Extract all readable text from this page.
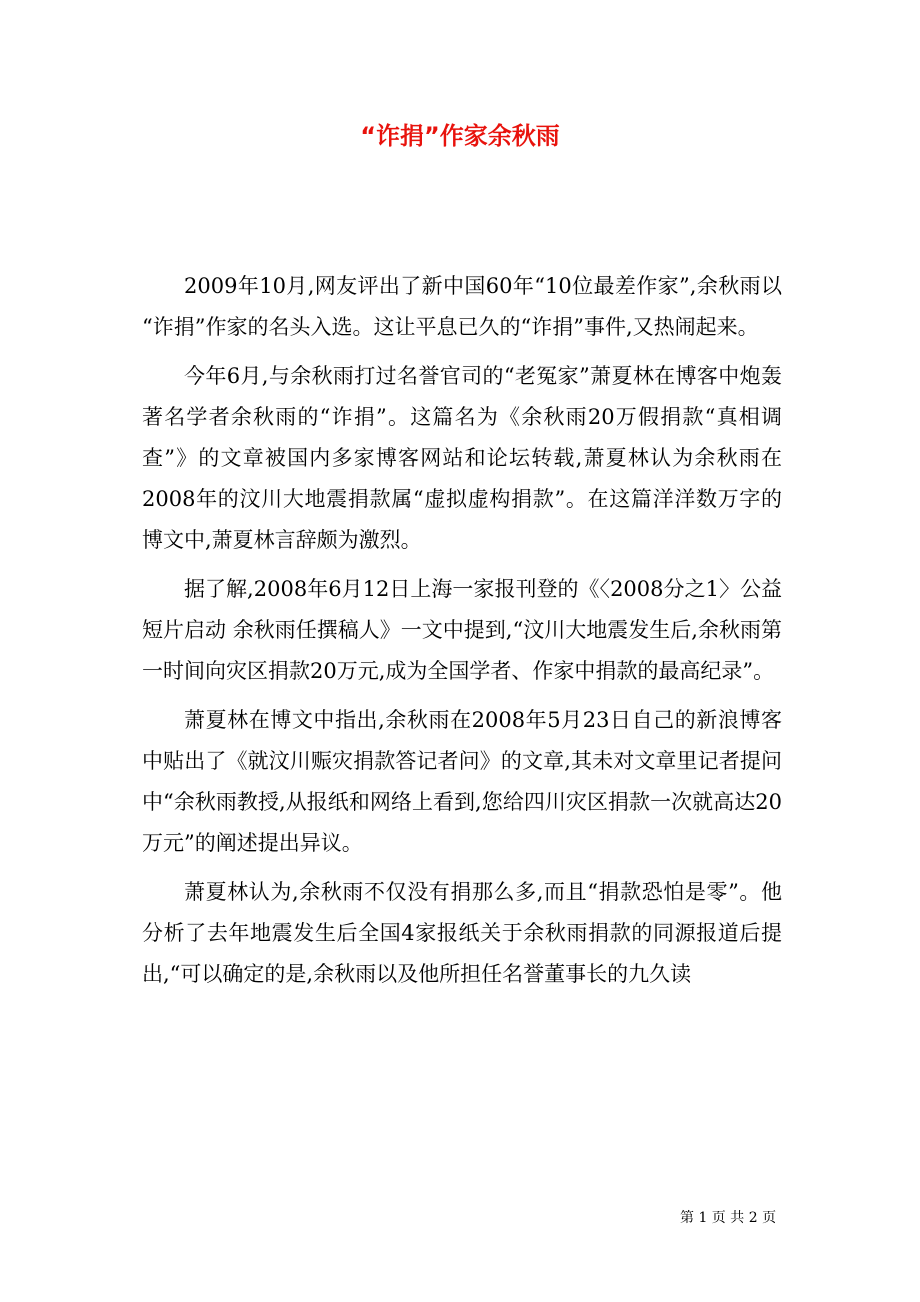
“诈捐”作家余秋雨

2009年10月,网友评出了新中国60年“10位最差作家”,余秋雨以 “诈捐”作家的名头入选。这让平息已久的“诈捐”事件,又热闹起来。

今年6月,与余秋雨打过名誉官司的“老冤家”萧夏林在博客中炮轰著名学者余秋雨的“诈捐”。这篇名为《余秋雨20万假捐款“真相调查”》的文章被国内多家博客网站和论坛转载,萧夏林认为余秋雨在2008年的汶川大地震捐款属“虚拟虚构捐款”。在这篇洋洋数万字的博文中,萧夏林言辞颇为激烈。

据了解,2008年6月12日上海一家报刊登的《〈2008分之1〉公益短片启动 余秋雨任撰稿人》一文中提到,“汶川大地震发生后,余秋雨第一时间向灾区捐款20万元,成为全国学者、作家中捐款的最高纪录”。

萧夏林在博文中指出,余秋雨在2008年5月23日自己的新浪博客中贴出了《就汶川赈灾捐款答记者问》的文章,其未对文章里记者提问中“余秋雨教授,从报纸和网络上看到,您给四川灾区捐款一次就高达20万元”的阐述提出异议。

萧夏林认为,余秋雨不仅没有捐那么多,而且“捐款恐怕是零”。他分析了去年地震发生后全国4家报纸关于余秋雨捐款的同源报道后提出,“可以确定的是,余秋雨以及他所担任名誉董事长的九久读

第 1 页 共 2 页
